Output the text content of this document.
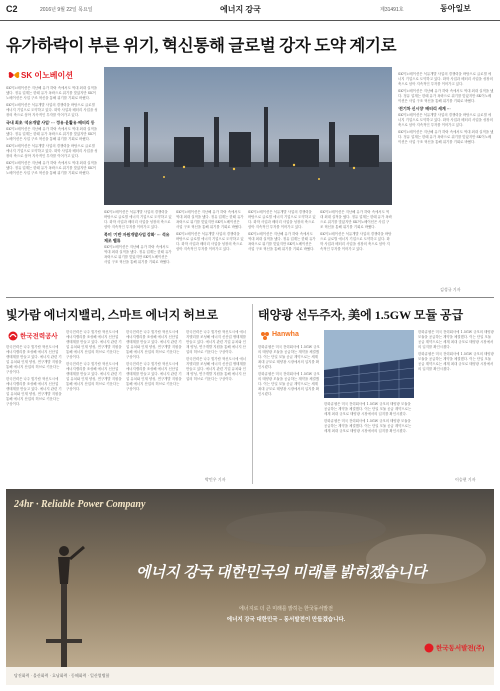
C2	2016년 9월 22일 목요일	에너지 강국	제31491호	동아일보
유가하락이 부른 위기, 혁신통해 글로벌 강자 도약 계기로
SK 이노베이션

SK이노베이션은 지난해 유가 하락 속에서도 역대 최대 실적을 냈다. 정유 업계는 한때 유가 폭락으로 위기를 맞았지만 SK이노베이션은 사업 구조 혁신을 통해 위기를 기회로 바꿨다.

SK이노베이션은 석유개발 사업의 경쟁력을 바탕으로 글로벌 에너지 기업으로 도약하고 있다. 화학 사업과 배터리 사업을 성장의 축으로 삼아 지속적인 투자를 이어가고 있다.

국내 최초 '석유개발 사업' ··· 정유·윤활유·배터리 등

SK이노베이션은 지난해 유가 하락 속에서도 역대 최대 실적을 냈다. 정유 업계는 한때 유가 폭락으로 위기를 맞았지만 SK이노베이션은 사업 구조 혁신을 통해 위기를 기회로 바꿨다.

SK이노베이션은 석유개발 사업의 경쟁력을 바탕으로 글로벌 에너지 기업으로 도약하고 있다. 화학 사업과 배터리 사업을 성장의 축으로 삼아 지속적인 투자를 이어가고 있다.

SK이노베이션은 지난해 유가 하락 속에서도 역대 최대 실적을 냈다. 정유 업계는 한때 유가 폭락으로 위기를 맞았지만 SK이노베이션은 사업 구조 혁신을 통해 위기를 기회로 바꿨다.

SK이노베이션은 석유개발 사업의 경쟁력을 바탕으로 글로벌 에너지 기업으로 도약하고 있다. 화학 사업과 배터리 사업을 성장의 축으로 삼아 지속적인 투자를 이어가고 있다.

북미 '기반 자원개발사업 강화' ··· 석유 제조 벨류

SK이노베이션은 지난해 유가 하락 속에서도 역대 최대 실적을 냈다. 정유 업계는 한때 유가 폭락으로 위기를 맞았지만 SK이노베이션은 사업 구조 혁신을 통해 위기를 기회로 바꿨다.

SK이노베이션은 지난해 유가 하락 속에서도 역대 최대 실적을 냈다. 정유 업계는 한때 유가 폭락으로 위기를 맞았지만 SK이노베이션은 사업 구조 혁신을 통해 위기를 기회로 바꿨다.

SK이노베이션은 석유개발 사업의 경쟁력을 바탕으로 글로벌 에너지 기업으로 도약하고 있다. 화학 사업과 배터리 사업을 성장의 축으로 삼아 지속적인 투자를 이어가고 있다.

SK이노베이션은 석유개발 사업의 경쟁력을 바탕으로 글로벌 에너지 기업으로 도약하고 있다. 화학 사업과 배터리 사업을 성장의 축으로 삼아 지속적인 투자를 이어가고 있다.

SK이노베이션은 지난해 유가 하락 속에서도 역대 최대 실적을 냈다. 정유 업계는 한때 유가 폭락으로 위기를 맞았지만 SK이노베이션은 사업 구조 혁신을 통해 위기를 기회로 바꿨다.

SK이노베이션은 지난해 유가 하락 속에서도 역대 최대 실적을 냈다. 정유 업계는 한때 유가 폭락으로 위기를 맞았지만 SK이노베이션은 사업 구조 혁신을 통해 위기를 기회로 바꿨다.

SK이노베이션은 석유개발 사업의 경쟁력을 바탕으로 글로벌 에너지 기업으로 도약하고 있다. 화학 사업과 배터리 사업을 성장의 축으로 삼아 지속적인 투자를 이어가고 있다.

SK이노베이션은 석유개발 사업의 경쟁력을 바탕으로 글로벌 에너지 기업으로 도약하고 있다. 화학 사업과 배터리 사업을 성장의 축으로 삼아 지속적인 투자를 이어가고 있다.

SK이노베이션은 지난해 유가 하락 속에서도 역대 최대 실적을 냈다. 정유 업계는 한때 유가 폭락으로 위기를 맞았지만 SK이노베이션은 사업 구조 혁신을 통해 위기를 기회로 바꿨다.

'전기차 신시장' 배터리 세계 ···

SK이노베이션은 석유개발 사업의 경쟁력을 바탕으로 글로벌 에너지 기업으로 도약하고 있다. 화학 사업과 배터리 사업을 성장의 축으로 삼아 지속적인 투자를 이어가고 있다.

SK이노베이션은 지난해 유가 하락 속에서도 역대 최대 실적을 냈다. 정유 업계는 한때 유가 폭락으로 위기를 맞았지만 SK이노베이션은 사업 구조 혁신을 통해 위기를 기회로 바꿨다.

김성규 기자
빛가람 에너지밸리, 스마트 에너지 허브로	태양광 선두주자, 美에 1.5GW 모듈 공급
한국전력공사

한국전력은 나주 빛가람 혁신도시에 에너지밸리를 조성해 에너지 신산업 생태계를 만들고 있다. 에너지 관련 기업 유치와 인재 양성, 연구개발 지원을 통해 에너지 산업의 허브로 키운다는 구상이다.

한국전력은 나주 빛가람 혁신도시에 에너지밸리를 조성해 에너지 신산업 생태계를 만들고 있다. 에너지 관련 기업 유치와 인재 양성, 연구개발 지원을 통해 에너지 산업의 허브로 키운다는 구상이다.

한국전력은 나주 빛가람 혁신도시에 에너지밸리를 조성해 에너지 신산업 생태계를 만들고 있다. 에너지 관련 기업 유치와 인재 양성, 연구개발 지원을 통해 에너지 산업의 허브로 키운다는 구상이다.

한국전력은 나주 빛가람 혁신도시에 에너지밸리를 조성해 에너지 신산업 생태계를 만들고 있다. 에너지 관련 기업 유치와 인재 양성, 연구개발 지원을 통해 에너지 산업의 허브로 키운다는 구상이다.

한국전력은 나주 빛가람 혁신도시에 에너지밸리를 조성해 에너지 신산업 생태계를 만들고 있다. 에너지 관련 기업 유치와 인재 양성, 연구개발 지원을 통해 에너지 산업의 허브로 키운다는 구상이다.

한국전력은 나주 빛가람 혁신도시에 에너지밸리를 조성해 에너지 신산업 생태계를 만들고 있다. 에너지 관련 기업 유치와 인재 양성, 연구개발 지원을 통해 에너지 산업의 허브로 키운다는 구상이다.

한국전력은 나주 빛가람 혁신도시에 에너지밸리를 조성해 에너지 신산업 생태계를 만들고 있다. 에너지 관련 기업 유치와 인재 양성, 연구개발 지원을 통해 에너지 산업의 허브로 키운다는 구상이다.

한국전력은 나주 빛가람 혁신도시에 에너지밸리를 조성해 에너지 신산업 생태계를 만들고 있다. 에너지 관련 기업 유치와 인재 양성, 연구개발 지원을 통해 에너지 산업의 허브로 키운다는 구상이다.

박민우 기자
Hanwha

한화큐셀은 미국 전력회사에 1.5GW 규모의 태양광 모듈을 공급하는 계약을 체결했다. 이는 단일 모듈 공급 계약으로는 세계 최대 규모로 태양광 시장에서의 입지를 확인시켰다.

한화큐셀은 미국 전력회사에 1.5GW 규모의 태양광 모듈을 공급하는 계약을 체결했다. 이는 단일 모듈 공급 계약으로는 세계 최대 규모로 태양광 시장에서의 입지를 확인시켰다.

한화큐셀은 미국 전력회사에 1.5GW 규모의 태양광 모듈을 공급하는 계약을 체결했다. 이는 단일 모듈 공급 계약으로는 세계 최대 규모로 태양광 시장에서의 입지를 확인시켰다.

한화큐셀은 미국 전력회사에 1.5GW 규모의 태양광 모듈을 공급하는 계약을 체결했다. 이는 단일 모듈 공급 계약으로는 세계 최대 규모로 태양광 시장에서의 입지를 확인시켰다.

한화큐셀은 미국 전력회사에 1.5GW 규모의 태양광 모듈을 공급하는 계약을 체결했다. 이는 단일 모듈 공급 계약으로는 세계 최대 규모로 태양광 시장에서의 입지를 확인시켰다.

한화큐셀은 미국 전력회사에 1.5GW 규모의 태양광 모듈을 공급하는 계약을 체결했다. 이는 단일 모듈 공급 계약으로는 세계 최대 규모로 태양광 시장에서의 입지를 확인시켰다.

이승현 기자
24hr · Reliable Power Company
에너지 강국 대한민국의 미래를 밝히겠습니다
에너지로 더 큰 미래를 밝히는 한국동서발전
에너지 강국 대한민국 – 동서발전이 만들겠습니다.
한국동서발전(주)
당진화력 · 울산화력 · 호남화력 · 동해화력 · 일산열병합
